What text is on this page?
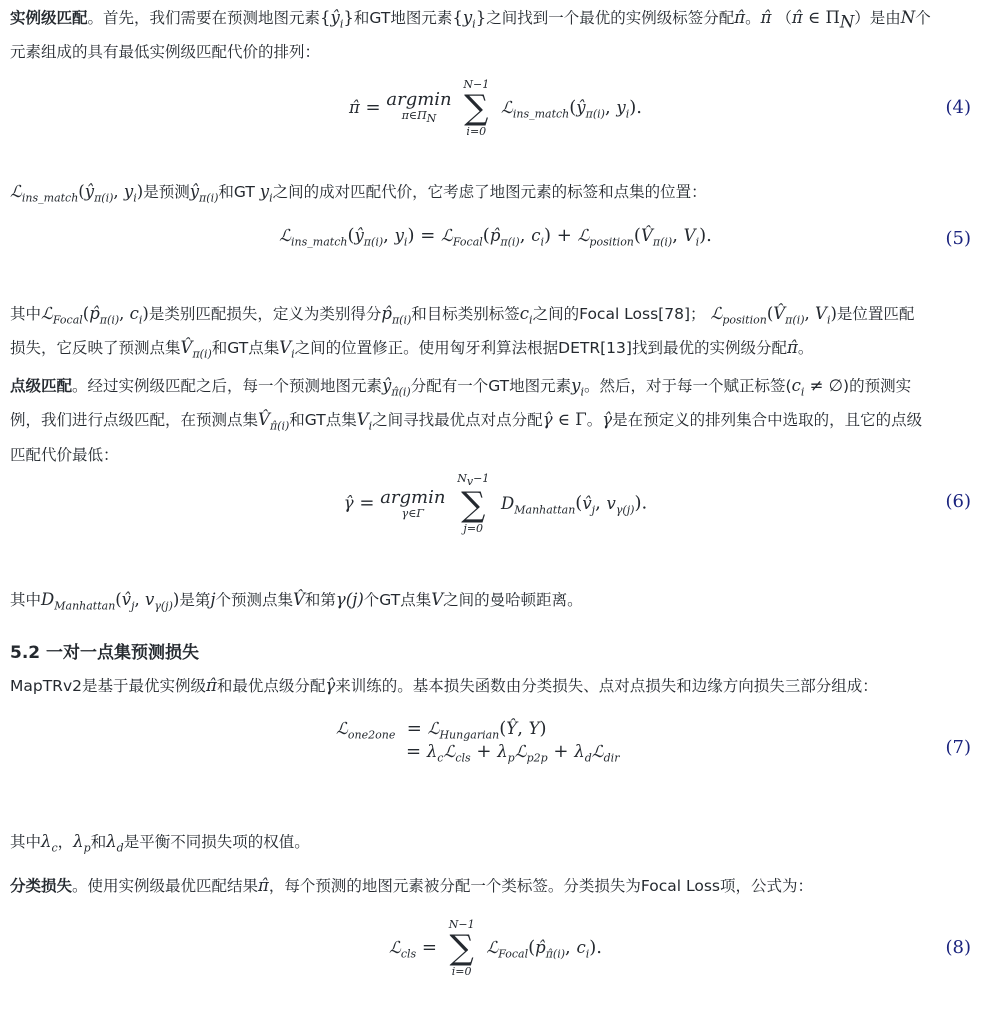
实例级匹配。首先，我们需要在预测地图元素$\{ŷ_i\}$和GT地图元素$\{y_i\}$之间找到一个最优的实例级标签分配π̂。π̂ （π̂ ∈ $\Pi_N$）是由N个
元素组成的具有最低实例级匹配代价的排列：

π̂ = argmin
$\pi\in\Pi_N$

N−1
∑
i=0
$ℒ_{ins\_match}(ŷ_{\pi(i)}$, $y_i$).	(4)

$ℒ_{ins\_match}(ŷ_{\pi(i)}$, $y_i$)是预测$ŷ_{\pi(i)}$和GT $y_i$之间的成对匹配代价，它考虑了地图元素的标签和点集的位置：

$ℒ_{ins\_match}(ŷ_{\pi(i)}$, $y_i$) = $ℒ_{Focal}(p̂_{\pi(i)}$, $c_i$) + $ℒ_{position}(V̂_{\pi(i)}$, $V_i$).	(5)

其中$ℒ_{Focal}(p̂_{\pi(i)}$, $c_i$)是类别匹配损失，定义为类别得分$p̂_{\pi(i)}$和目标类别标签$c_i$之间的Focal Loss[78]； $ℒ_{position}(V̂_{\pi(i)}$, $V_i$)是位置匹配
损失，它反映了预测点集$V̂_{\pi(i)}$和GT点集$V_i$之间的位置修正。使用匈牙利算法根据DETR[13]找到最优的实例级分配π̂。

点级匹配。经过实例级匹配之后，每一个预测地图元素$ŷ_{\pî(i)}$分配有一个GT地图元素$y_i$。然后，对于每一个赋正标签($c_i$ ≠ ∅)的预测实
例，我们进行点级匹配，在预测点集$V̂_{\pî(i)}$和GT点集$V_i$之间寻找最优点对点分配γ̂ ∈ Γ。γ̂是在预定义的排列集合中选取的，且它的点级
匹配代价最低：

γ̂ = argmin
γ∈Γ

$N_v-1$
∑
j=0
$D_{Manhattan}(v̂_j$, $v_{\gamma(j)}$).	(6)

其中$D_{Manhattan}(v̂_j$, $v_{\gamma(j)}$)是第j个预测点集V̂和第γ(j)个GT点集V之间的曼哈顿距离。

5.2 一对一点集预测损失

MapTRv2是基于最优实例级π̂和最优点级分配γ̂来训练的。基本损失函数由分类损失、点对点损失和边缘方向损失三部分组成：

ℒ$_{one2one}$  = ℒ$_{Hungarian}$(Ŷ, Y)
= $\lambda_cℒ_{cls}$ + $\lambda_pℒ_{p2p}$ + $\lambda_dℒ_{dir}$
(7)

其中$\lambda_c$，$\lambda_p$和$\lambda_d$是平衡不同损失项的权值。

分类损失。使用实例级最优匹配结果π̂，每个预测的地图元素被分配一个类标签。分类损失为Focal Loss项，公式为：

ℒ$_{cls}$ =
N−1
∑
i=0
$ℒ_{Focal}(p̂_{\pî(i)}$, $c_i$).	(8)
